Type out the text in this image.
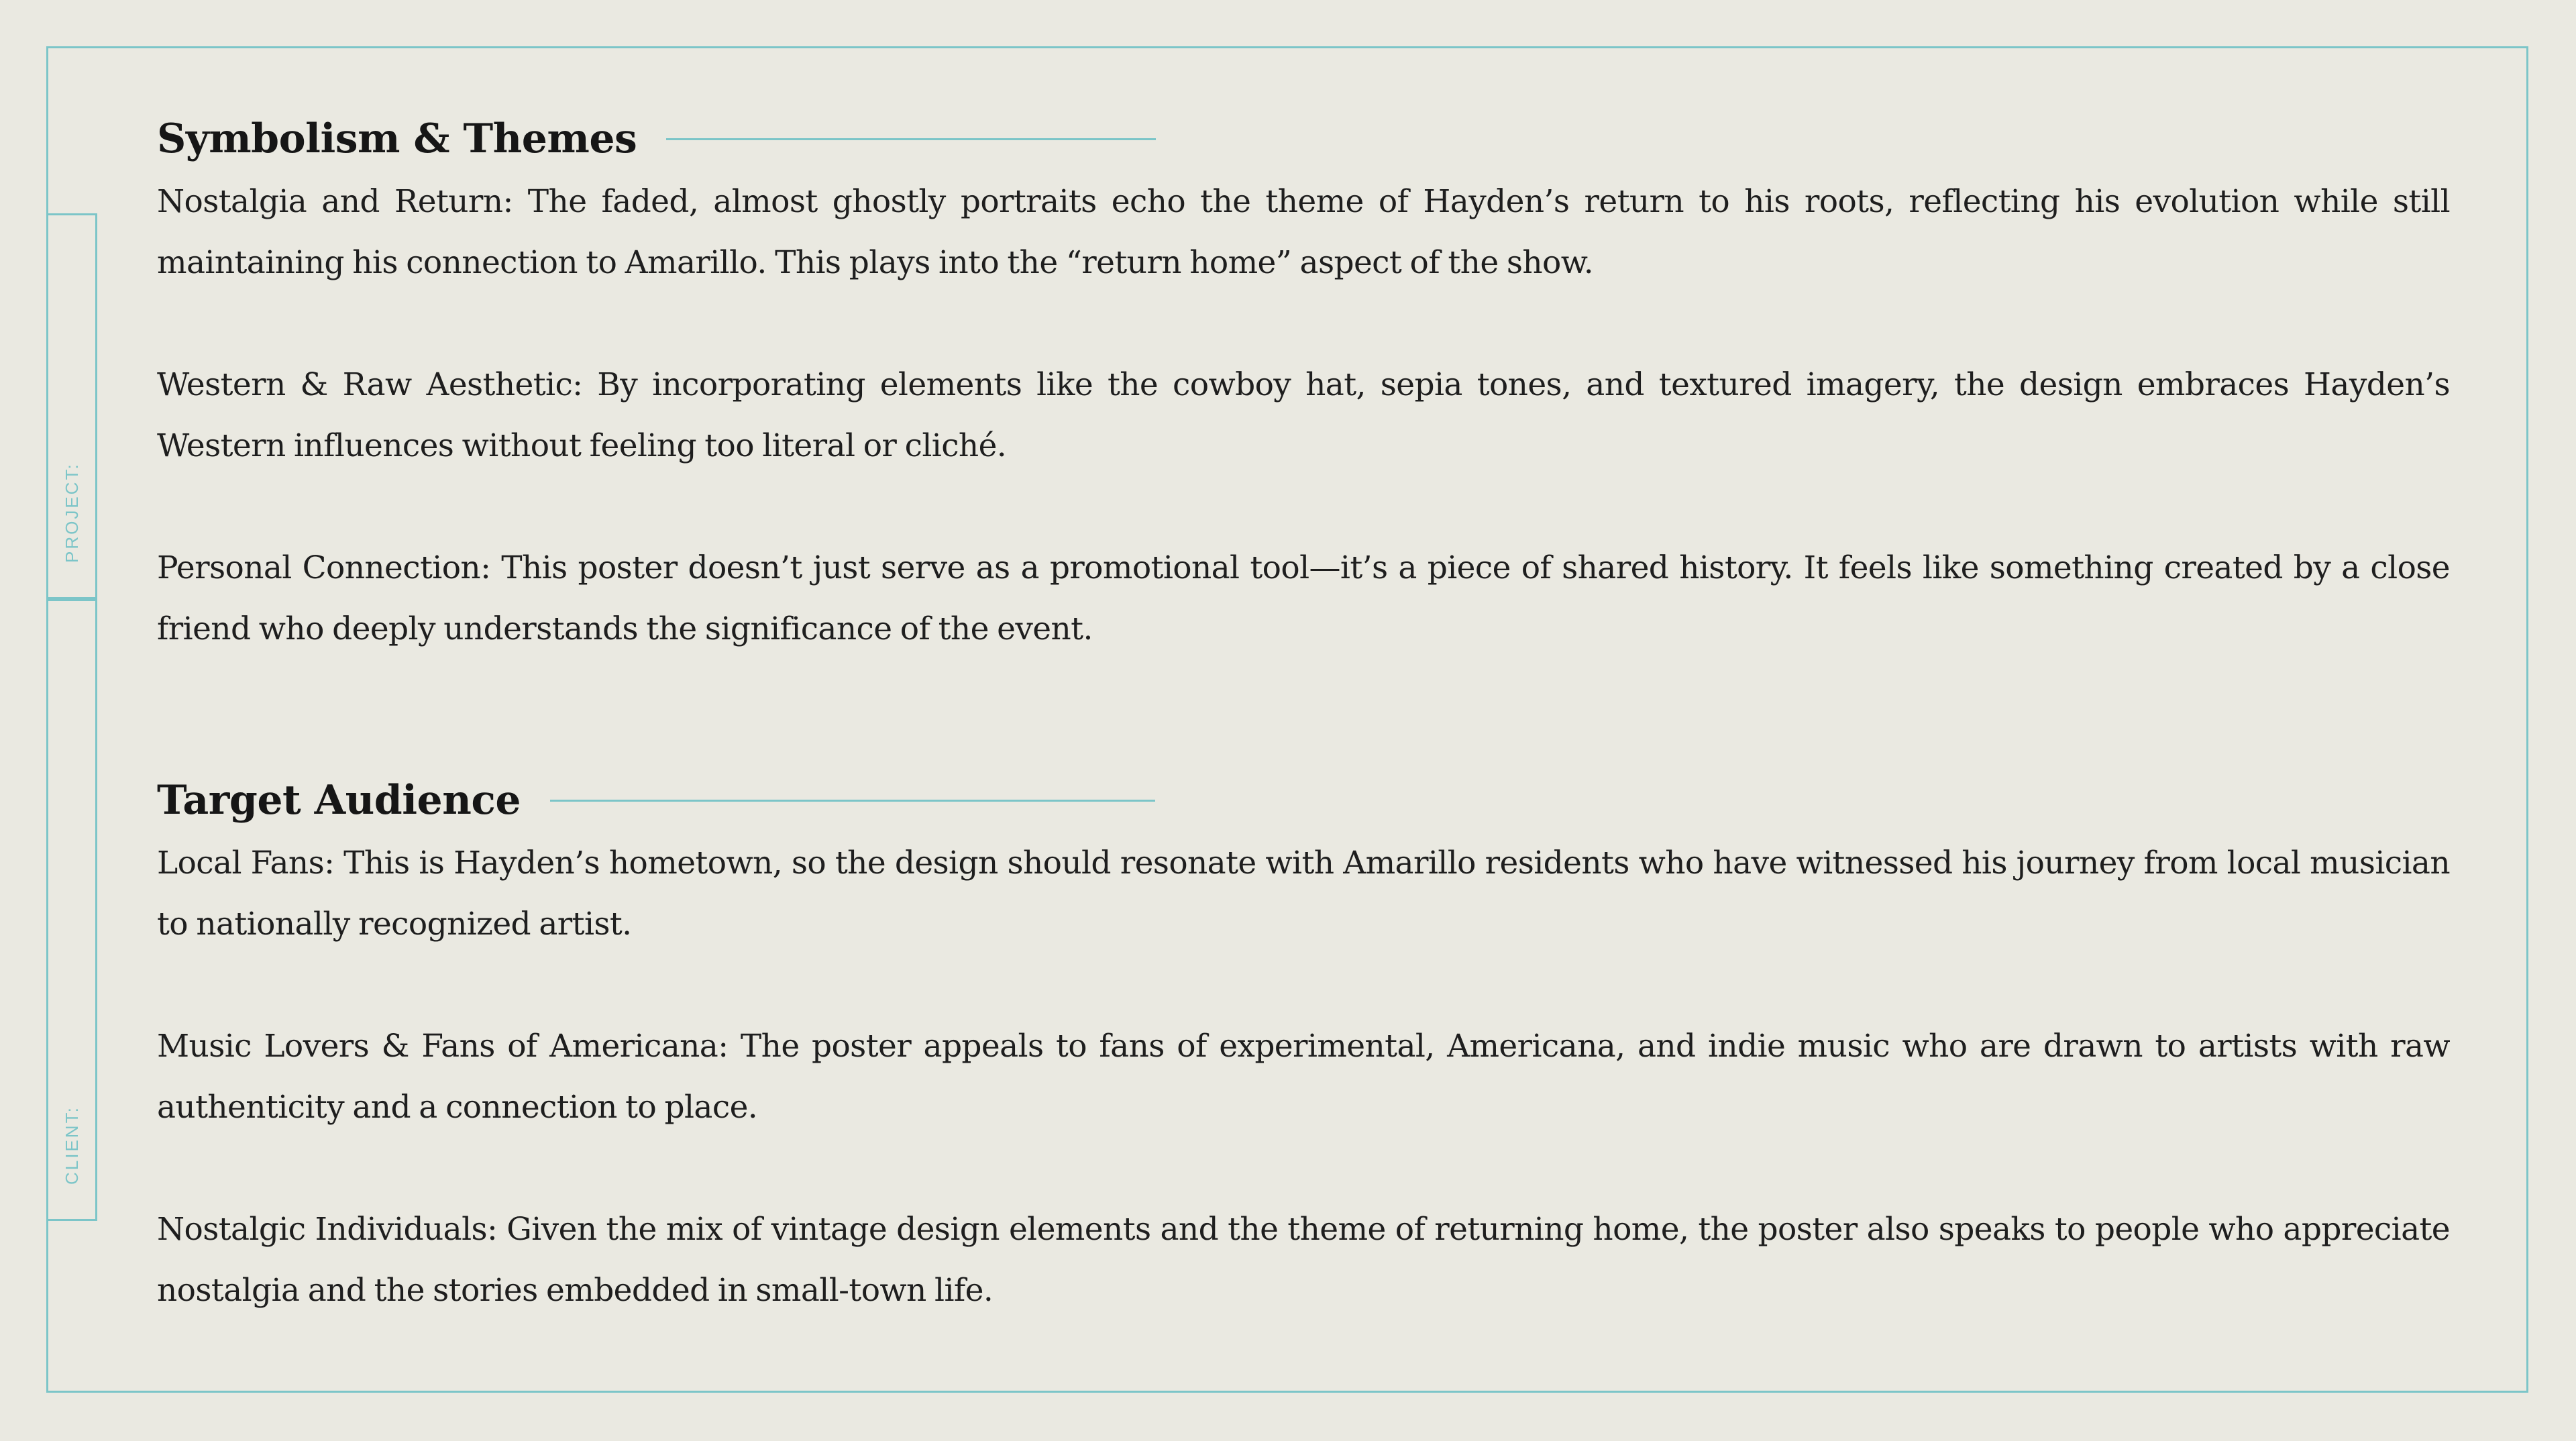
PROJECT:
CLIENT:
Symbolism & Themes

Nostalgia and Return: The faded, almost ghostly portraits echo the theme of Hayden’s return to his roots, reflecting his evolution while still maintaining his connection to Amarillo. This plays into the “return home” aspect of the show.

Western & Raw Aesthetic: By incorporating elements like the cowboy hat, sepia tones, and textured imagery, the design embraces Hayden’s Western influences without feeling too literal or cliché.

Personal Connection: This poster doesn’t just serve as a promotional tool—it’s a piece of shared history. It feels like something created by a close friend who deeply understands the significance of the event.

Target Audience

Local Fans: This is Hayden’s hometown, so the design should resonate with Amarillo residents who have witnessed his journey from local musician to nationally recognized artist.

Music Lovers & Fans of Americana: The poster appeals to fans of experimental, Americana, and indie music who are drawn to artists with raw authenticity and a connection to place.

Nostalgic Individuals: Given the mix of vintage design elements and the theme of returning home, the poster also speaks to people who appreciate nostalgia and the stories embedded in small-town life.
